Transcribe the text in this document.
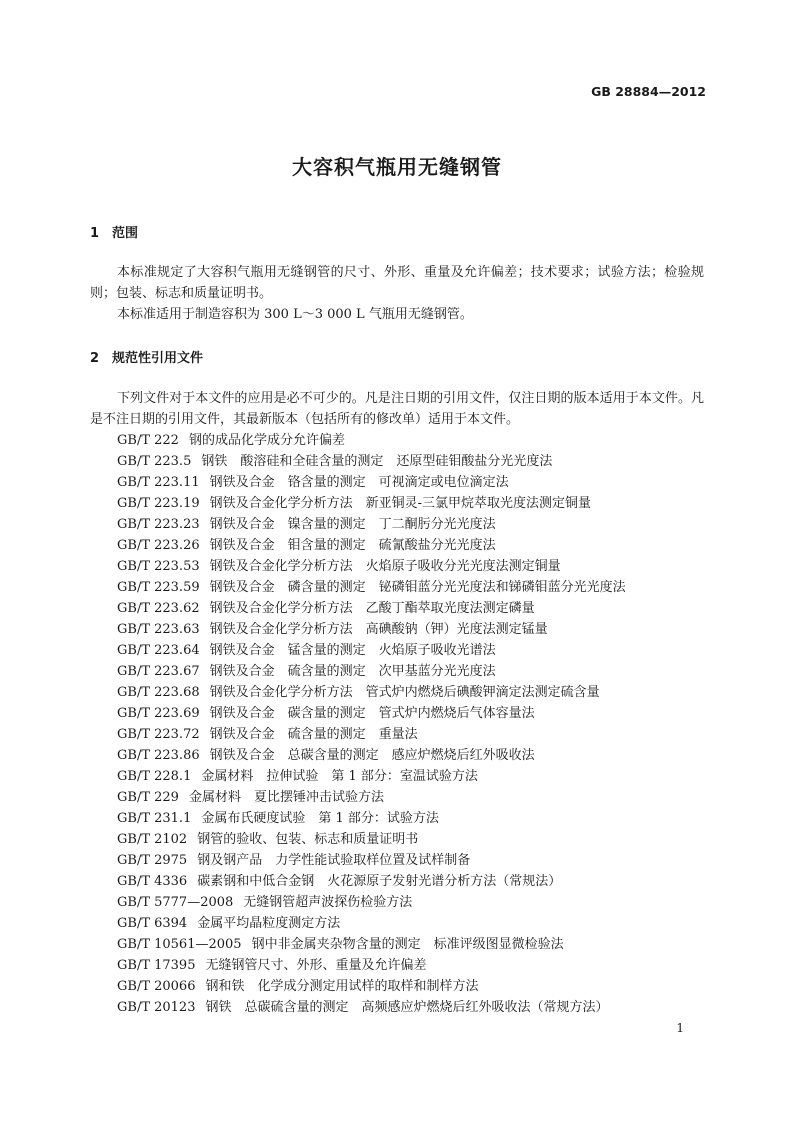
GB 28884—2012
大容积气瓶用无缝钢管
1 范围

本标准规定了大容积气瓶用无缝钢管的尺寸、外形、重量及允许偏差；技术要求；试验方法；检验规则；包装、标志和质量证明书。

本标准适用于制造容积为 300 L～3 000 L 气瓶用无缝钢管。

2 规范性引用文件

下列文件对于本文件的应用是必不可少的。凡是注日期的引用文件，仅注日期的版本适用于本文件。凡是不注日期的引用文件，其最新版本（包括所有的修改单）适用于本文件。

GB/T 222 钢的成品化学成分允许偏差
GB/T 223.5 钢铁　酸溶硅和全硅含量的测定　还原型硅钼酸盐分光光度法
GB/T 223.11 钢铁及合金　铬含量的测定　可视滴定或电位滴定法
GB/T 223.19 钢铁及合金化学分析方法　新亚铜灵-三氯甲烷萃取光度法测定铜量
GB/T 223.23 钢铁及合金　镍含量的测定　丁二酮肟分光光度法
GB/T 223.26 钢铁及合金　钼含量的测定　硫氰酸盐分光光度法
GB/T 223.53 钢铁及合金化学分析方法　火焰原子吸收分光光度法测定铜量
GB/T 223.59 钢铁及合金　磷含量的测定　铋磷钼蓝分光光度法和锑磷钼蓝分光光度法
GB/T 223.62 钢铁及合金化学分析方法　乙酸丁酯萃取光度法测定磷量
GB/T 223.63 钢铁及合金化学分析方法　高碘酸钠（钾）光度法测定锰量
GB/T 223.64 钢铁及合金　锰含量的测定　火焰原子吸收光谱法
GB/T 223.67 钢铁及合金　硫含量的测定　次甲基蓝分光光度法
GB/T 223.68 钢铁及合金化学分析方法　管式炉内燃烧后碘酸钾滴定法测定硫含量
GB/T 223.69 钢铁及合金　碳含量的测定　管式炉内燃烧后气体容量法
GB/T 223.72 钢铁及合金　硫含量的测定　重量法
GB/T 223.86 钢铁及合金　总碳含量的测定　感应炉燃烧后红外吸收法
GB/T 228.1 金属材料　拉伸试验　第 1 部分：室温试验方法
GB/T 229 金属材料　夏比摆锤冲击试验方法
GB/T 231.1 金属布氏硬度试验　第 1 部分：试验方法
GB/T 2102 钢管的验收、包装、标志和质量证明书
GB/T 2975 钢及钢产品　力学性能试验取样位置及试样制备
GB/T 4336 碳素钢和中低合金钢　火花源原子发射光谱分析方法（常规法）
GB/T 5777—2008 无缝钢管超声波探伤检验方法
GB/T 6394 金属平均晶粒度测定方法
GB/T 10561—2005 钢中非金属夹杂物含量的测定　标准评级图显微检验法
GB/T 17395 无缝钢管尺寸、外形、重量及允许偏差
GB/T 20066 钢和铁　化学成分测定用试样的取样和制样方法
GB/T 20123 钢铁　总碳硫含量的测定　高频感应炉燃烧后红外吸收法（常规方法）
1
